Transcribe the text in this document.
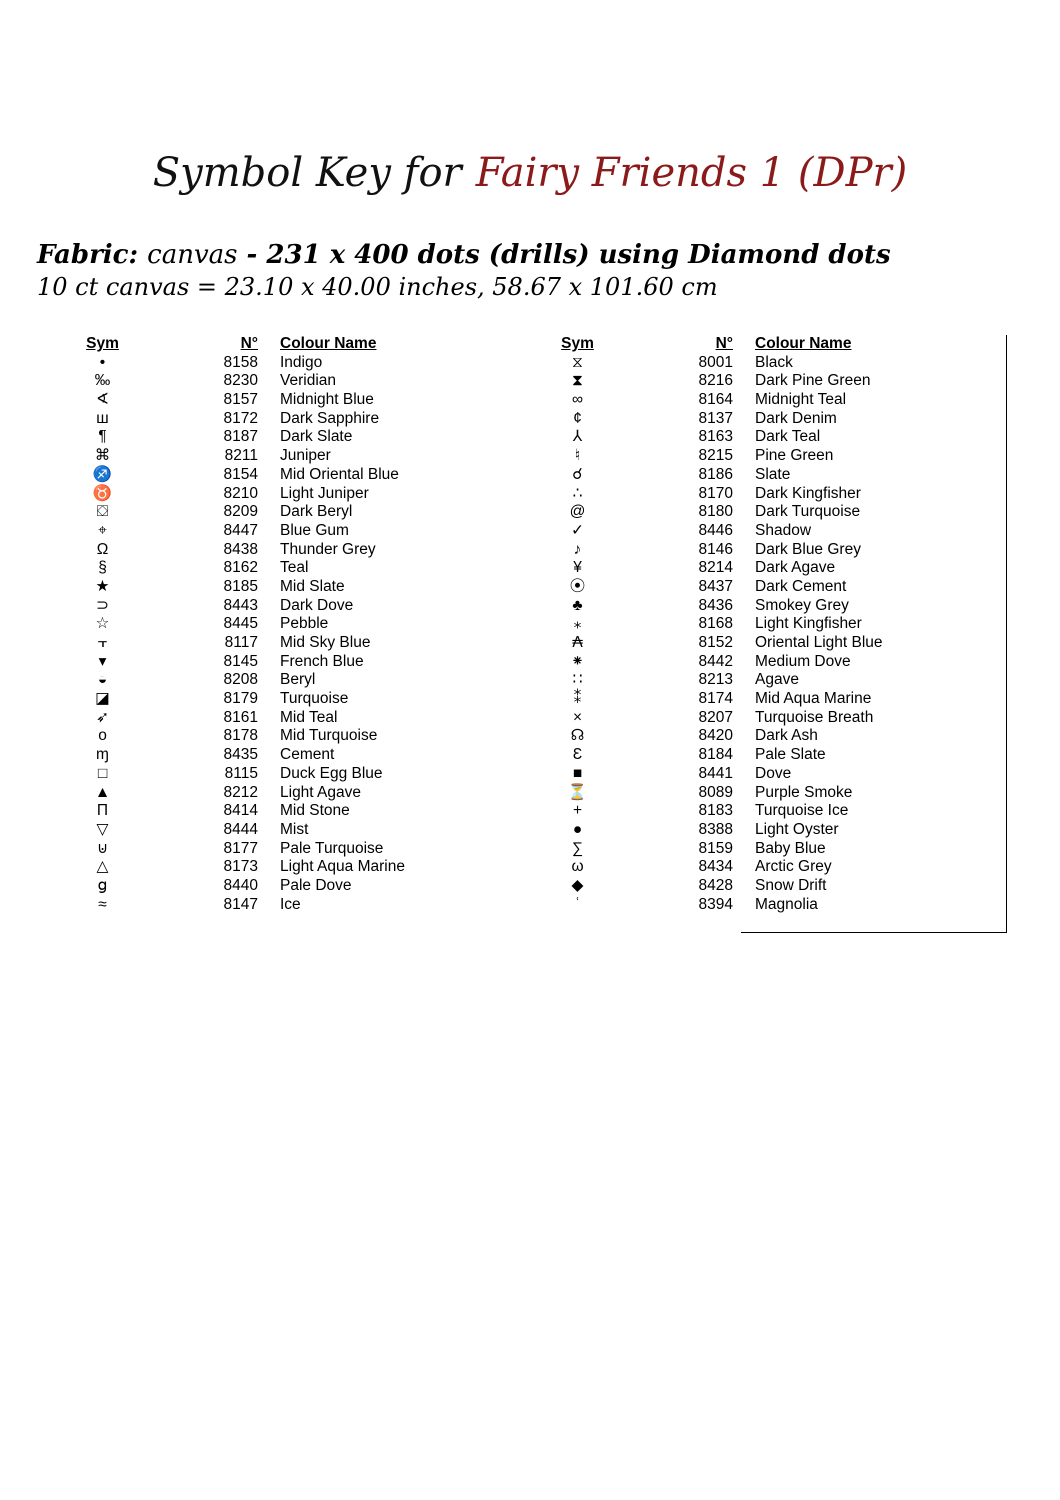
Symbol Key for Fairy Friends 1 (DPr)
Fabric: canvas - 231 x 400 dots (drills) using Diamond dots
10 ct canvas = 23.10 x 40.00 inches, 58.67 x 101.60 cm
Sym	N° Colour Name
•	8158 Indigo
‰	8230 Veridian
∢	8157 Midnight Blue
ш	8172 Dark Sapphire
¶	8187 Dark Slate
⌘	8211 Juniper
♐	8154 Mid Oriental Blue
♉	8210 Light Juniper
⛋	8209 Dark Beryl
⌖	8447 Blue Gum
Ω	8438 Thunder Grey
§	8162 Teal
★	8185 Mid Slate
⊃	8443 Dark Dove
☆	8445 Pebble
⫟	8117 Mid Sky Blue
▾	8145 French Blue
◒	8208 Beryl
◪	8179 Turquoise
➶	8161 Mid Teal
o	8178 Mid Turquoise
ɱ	8435 Cement
□	8115 Duck Egg Blue
▲	8212 Light Agave
Π	8414 Mid Stone
▽	8444 Mist
⊍	8177 Pale Turquoise
△	8173 Light Aqua Marine
ց	8440 Pale Dove
≈	8147 Ice
Sym	N° Colour Name
⧖	8001 Black
⧗	8216 Dark Pine Green
∞	8164 Midnight Teal
¢	8137 Dark Denim
⅄	8163 Dark Teal
♮	8215 Pine Green
☌	8186 Slate
∴	8170 Dark Kingfisher
@	8180 Dark Turquoise
✓	8446 Shadow
♪	8146 Dark Blue Grey
¥	8214 Dark Agave
⦿	8437 Dark Cement
♣	8436 Smokey Grey
⁎	8168 Light Kingfisher
₳	8152 Oriental Light Blue
⁕	8442 Medium Dove
∷	8213 Agave
⁑	8174 Mid Aqua Marine
×	8207 Turquoise Breath
☊	8420 Dark Ash
Ɛ	8184 Pale Slate
■	8441 Dove
⏳	8089 Purple Smoke
+	8183 Turquoise Ice
●	8388 Light Oyster
∑	8159 Baby Blue
ω	8434 Arctic Grey
◆	8428 Snow Drift
ʿ	8394 Magnolia
